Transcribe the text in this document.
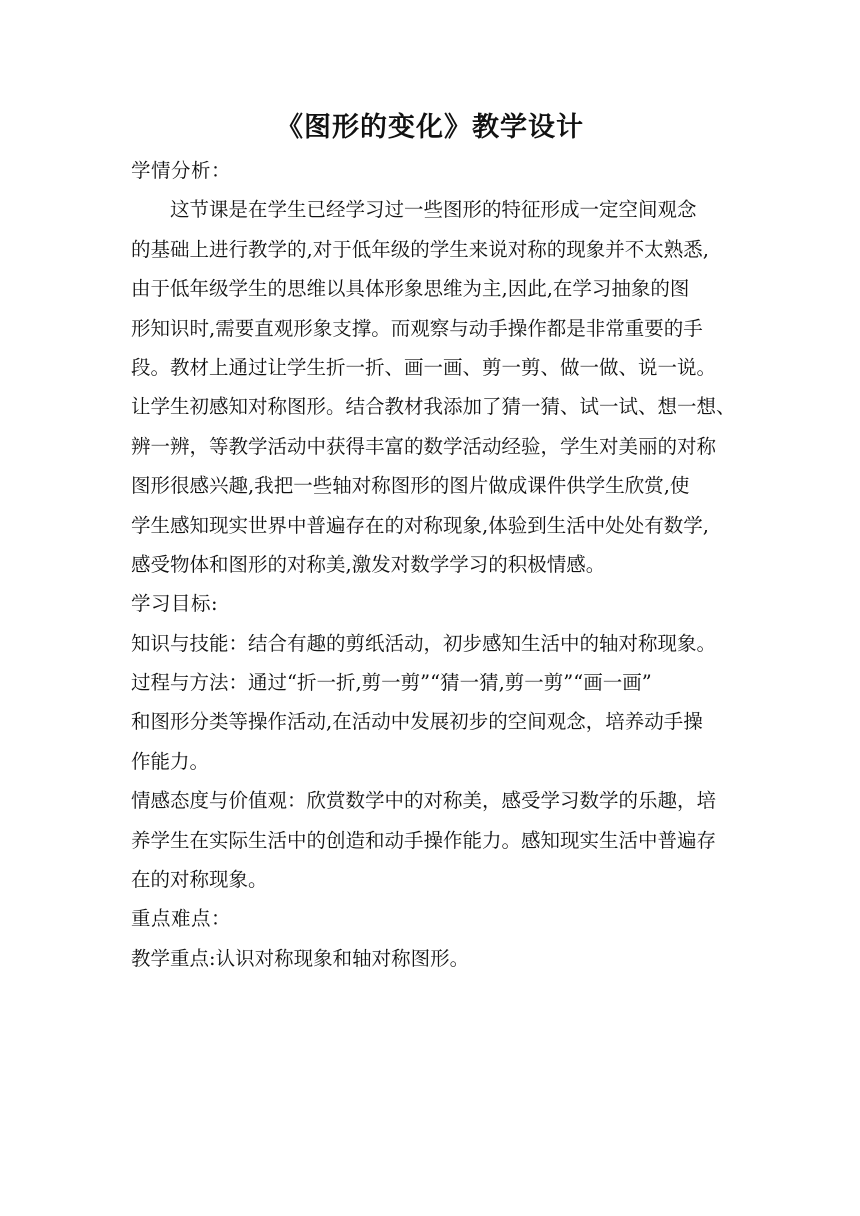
《图形的变化》教学设计
学情分析：
这节课是在学生已经学习过一些图形的特征形成一定空间观念
的基础上进行教学的,对于低年级的学生来说对称的现象并不太熟悉,
由于低年级学生的思维以具体形象思维为主,因此,在学习抽象的图
形知识时,需要直观形象支撑。而观察与动手操作都是非常重要的手
段。教材上通过让学生折一折、画一画、剪一剪、做一做、说一说。
让学生初感知对称图形。结合教材我添加了猜一猜、试一试、想一想、
辨一辨，等教学活动中获得丰富的数学活动经验，学生对美丽的对称
图形很感兴趣,我把一些轴对称图形的图片做成课件供学生欣赏,使
学生感知现实世界中普遍存在的对称现象,体验到生活中处处有数学,
感受物体和图形的对称美,激发对数学学习的积极情感。
学习目标:
知识与技能：结合有趣的剪纸活动，初步感知生活中的轴对称现象。
过程与方法：通过“折一折,剪一剪”“猜一猜,剪一剪”“画一画”
和图形分类等操作活动,在活动中发展初步的空间观念，培养动手操
作能力。
情感态度与价值观：欣赏数学中的对称美，感受学习数学的乐趣，培
养学生在实际生活中的创造和动手操作能力。感知现实生活中普遍存
在的对称现象。
重点难点：
教学重点:认识对称现象和轴对称图形。
